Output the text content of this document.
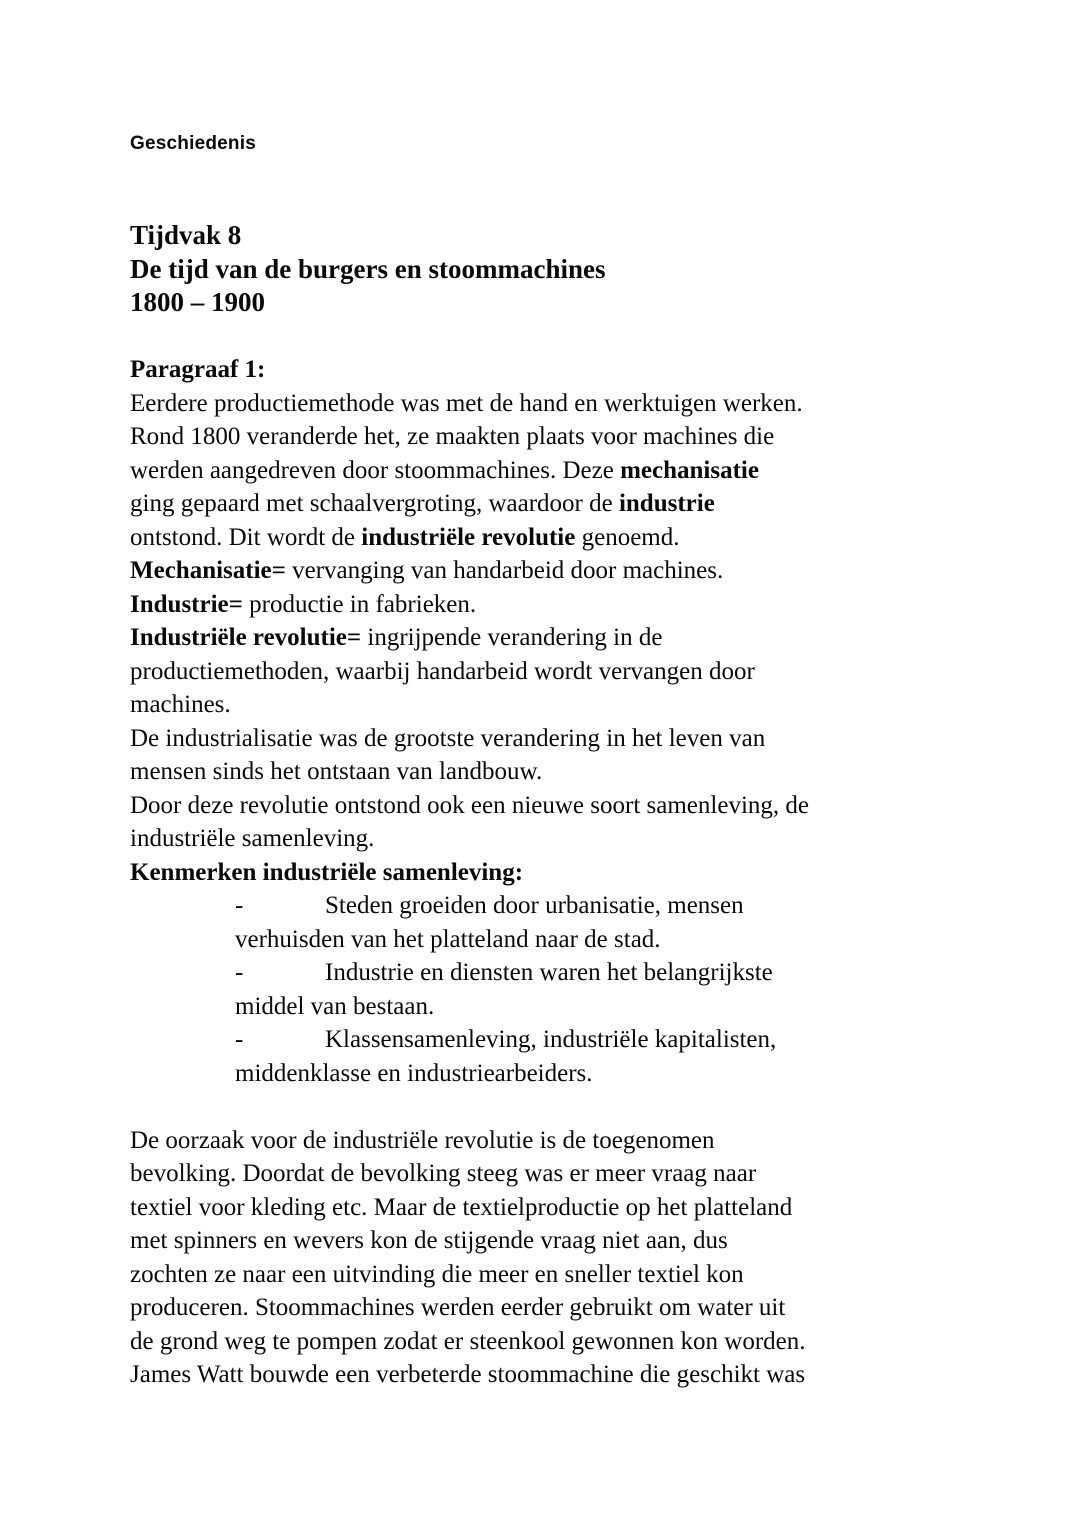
Geschiedenis
Tijdvak 8
De tijd van de burgers en stoommachines
1800 – 1900

Paragraaf 1:
Eerdere productiemethode was met de hand en werktuigen werken.
Rond 1800 veranderde het, ze maakten plaats voor machines die
werden aangedreven door stoommachines. Deze mechanisatie
ging gepaard met schaalvergroting, waardoor de industrie
ontstond. Dit wordt de industriële revolutie genoemd.
Mechanisatie= vervanging van handarbeid door machines.
Industrie= productie in fabrieken.
Industriële revolutie= ingrijpende verandering in de
productiemethoden, waarbij handarbeid wordt vervangen door
machines.
De industrialisatie was de grootste verandering in het leven van
mensen sinds het ontstaan van landbouw.
Door deze revolutie ontstond ook een nieuwe soort samenleving, de
industriële samenleving.
Kenmerken industriële samenleving:
-	Steden groeiden door urbanisatie, mensen
verhuisden van het platteland naar de stad.
-	Industrie en diensten waren het belangrijkste
middel van bestaan.
-	Klassensamenleving, industriële kapitalisten,
middenklasse en industriearbeiders.

De oorzaak voor de industriële revolutie is de toegenomen
bevolking. Doordat de bevolking steeg was er meer vraag naar
textiel voor kleding etc. Maar de textielproductie op het platteland
met spinners en wevers kon de stijgende vraag niet aan, dus
zochten ze naar een uitvinding die meer en sneller textiel kon
produceren. Stoommachines werden eerder gebruikt om water uit
de grond weg te pompen zodat er steenkool gewonnen kon worden.
James Watt bouwde een verbeterde stoommachine die geschikt was
